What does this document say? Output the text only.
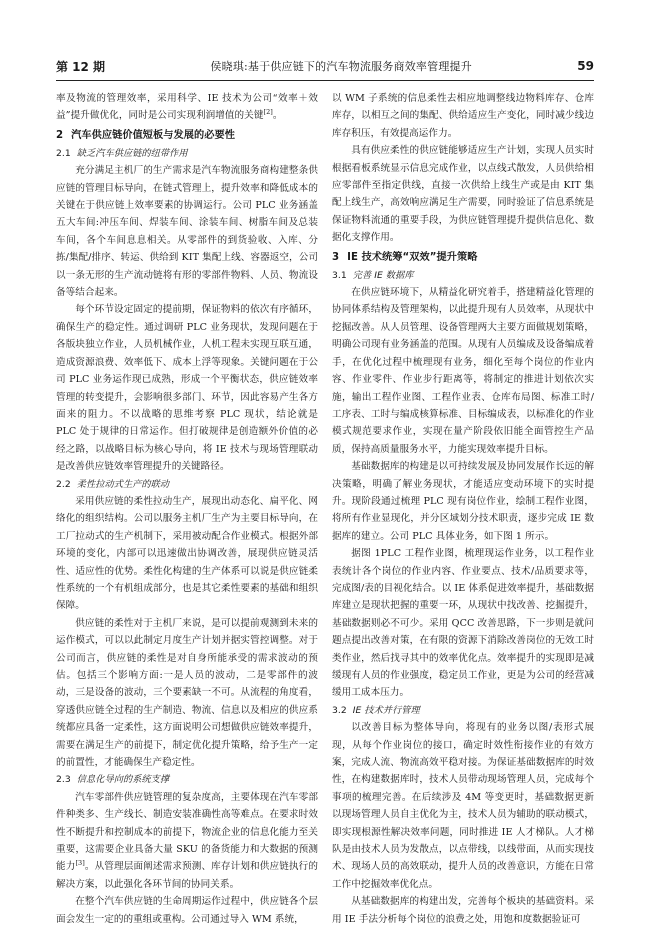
第 12 期	侯晓琪:基于供应链下的汽车物流服务商效率管理提升	59

率及物流的管理效率，采用科学、IE 技术为公司“效率＋效益”提升做优化，同时是公司实现利润增值的关键[2]。

2 汽车供应链价值短板与发展的必要性
2.1 缺乏汽车供应链的纽带作用

充分满足主机厂的生产需求是汽车物流服务商构建整条供应链的管理目标导向，在链式管理上，提升效率和降低成本的关键在于供应链上效率要素的协调运行。公司 PLC 业务涵盖五大车间:冲压车间、焊装车间、涂装车间、树脂车间及总装车间，各个车间息息相关。从零部件的到货验收、入库、分拣/集配/排序、转运、供给到 KIT 集配上线、容器返空，公司以一条无形的生产流动链将有形的零部件物料、人员、物流设备等结合起来。

每个环节设定固定的提前期，保证物料的依次有序循环，确保生产的稳定性。通过调研 PLC 业务现状，发现问题在于各版块独立作业，人员机械作业，人机工程未实现互联互通，造成资源浪费、效率低下、成本上浮等现象。关键问题在于公司 PLC 业务运作现已成熟，形成一个平衡状态，供应链效率管理的转变提升，会影响很多部门、环节，因此容易产生各方面来的阻力。不以战略的思维考察 PLC 现状，结论就是 PLC 处于规律的日常运作。但打破规律是创造额外价值的必经之路，以战略目标为核心导向，将 IE 技术与现场管理联动是改善供应链效率管理提升的关键路径。

2.2 柔性拉动式生产的联动

采用供应链的柔性拉动生产，展现出动态化、扁平化、网络化的组织结构。公司以服务主机厂生产为主要目标导向，在工厂拉动式的生产机制下，采用被动配合作业模式。根据外部环境的变化，内部可以迅速做出协调改善，展现供应链灵活性、适应性的优势。柔性化构建的生产体系可以说是供应链柔性系统的一个有机组成部分，也是其它柔性要素的基础和组织保障。

供应链的柔性对于主机厂来说，是可以提前观测到未来的运作模式，可以以此制定月度生产计划并据实管控调整。对于公司而言，供应链的柔性是对自身所能承受的需求波动的预估。包括三个影响方面:一是人员的波动，二是零部件的波动，三是设备的波动，三个要素缺一不可。从流程的角度看，穿透供应链全过程的生产制造、物流、信息以及相应的供应系统都应具备一定柔性，这方面说明公司想做供应链效率提升，需要在满足生产的前提下，制定优化提升策略，给予生产一定的前置性，才能确保生产稳定性。

2.3 信息化导向的系统支撑

汽车零部件供应链管理的复杂度高，主要体现在汽车零部件种类多、生产线长、制造安装准确性高等难点。在要求时效性不断提升和控制成本的前提下，物流企业的信息化能力至关重要，这需要企业具备大量 SKU 的备货能力和大数据的预测能力[3]。从管理层面阐述需求预测、库存计划和供应链执行的解决方案，以此强化各环节间的协同关系。

在整个汽车供应链的生命周期运作过程中，供应链各个层面会发生一定的的重组或重构。公司通过导入 WM 系统，

以 WM 子系统的信息柔性去相应地调整线边物料库存、仓库库存，以相互之间的集配、供给适应生产变化，同时减少线边库存积压，有效提高运作力。

具有供应柔性的供应链能够适应生产计划，实现人员实时根据看板系统显示信息完成作业，以点线式散发，人员供给相应零部件至指定供线，直接一次供给上线生产或是由 KIT 集配上线生产，高效响应满足生产需要，同时验证了信息系统是保证物料流通的重要手段，为供应链管理提升提供信息化、数据化支撑作用。

3 IE 技术统筹“双效”提升策略
3.1 完善 IE 数据库

在供应链环境下，从精益化研究着手，搭建精益化管理的协同体系结构及管理架构，以此提升现有人员效率，从现状中挖掘改善。从人员管理、设备管理两大主要方面做规划策略，明确公司现有业务涵盖的范围。从现有人员编成及设备编成着手，在优化过程中梳理现有业务，细化至每个岗位的作业内容、作业零件、作业步行距离等，将制定的推进计划依次实施，输出工程作业图、工程作业表、仓库布局图、标准工时/工序表、工时与编成核算标准、目标编成表，以标准化的作业模式规范要求作业，实现在量产阶段依旧能全面管控生产品质，保持高质量服务水平，力能实现效率提升目标。

基础数据库的构建是以可持续发展及协同发展作长远的解决策略，明确了解业务现状，才能适应变动环境下的实时提升。现阶段通过梳理 PLC 现有岗位作业，绘制工程作业图，将所有作业显现化，并分区域划分技术职责，逐步完成 IE 数据库的建立。公司 PLC 具体业务，如下图 1 所示。

据图 1PLC 工程作业图，梳理现运作业务，以工程作业表统计各个岗位的作业内容、作业要点、技术/品质要求等，完成图/表的目视化结合。以 IE 体系促进效率提升，基础数据库建立是现状把握的重要一环，从现状中找改善、挖掘提升，基础数据则必不可少。采用 QCC 改善思路，下一步则是就问题点提出改善对策，在有限的资源下消除改善岗位的无效工时类作业，然后找寻其中的效率优化点。效率提升的实现即是减缓现有人员的作业强度，稳定员工作业，更是为公司的经营减缓用工成本压力。

3.2 IE 技术并行管理

以改善目标为整体导向，将现有的业务以图/表形式展现，从每个作业岗位的接口，确定时效性衔接作业的有效方案，完成人流、物流高效平稳对接。为保证基础数据库的时效性，在构建数据库时，技术人员带动现场管理人员，完成每个事项的梳理完善。在后续涉及 4M 等变更时，基础数据更新以现场管理人员自主优化为主，技术人员为辅助的联动模式，即实现根源性解决效率问题，同时推进 IE 人才梯队。人才梯队是由技术人员为发散点，以点带线，以线带面，从而实现技术、现场人员的高效联动，提升人员的改善意识，方能在日常工作中挖掘效率优化点。

从基础数据库的构建出发，完善每个板块的基础资料。采用 IE 手法分析每个岗位的浪费之处，用饱和度数据验证可
